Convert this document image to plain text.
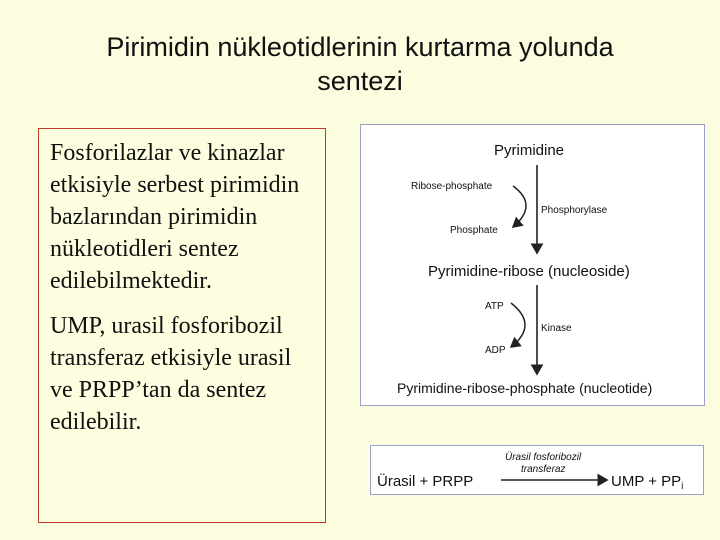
Pirimidin nükleotidlerinin kurtarma yolunda
sentezi

Fosforilazlar ve kinazlar etkisiyle serbest pirimidin bazlarından pirimidin nükleotidleri sentez edilebilmektedir.

UMP, urasil fosforibozil transferaz etkisiyle urasil ve PRPP’tan da sentez edilebilir.

Pyrimidine
Ribose-phosphate
Phosphate
Phosphorylase
Pyrimidine-ribose (nucleoside)
ATP
ADP
Kinase
Pyrimidine-ribose-phosphate (nucleotide)
Ürasil + PRPP
Ürasil fosforibozil
transferaz
UMP + $PP_i$
